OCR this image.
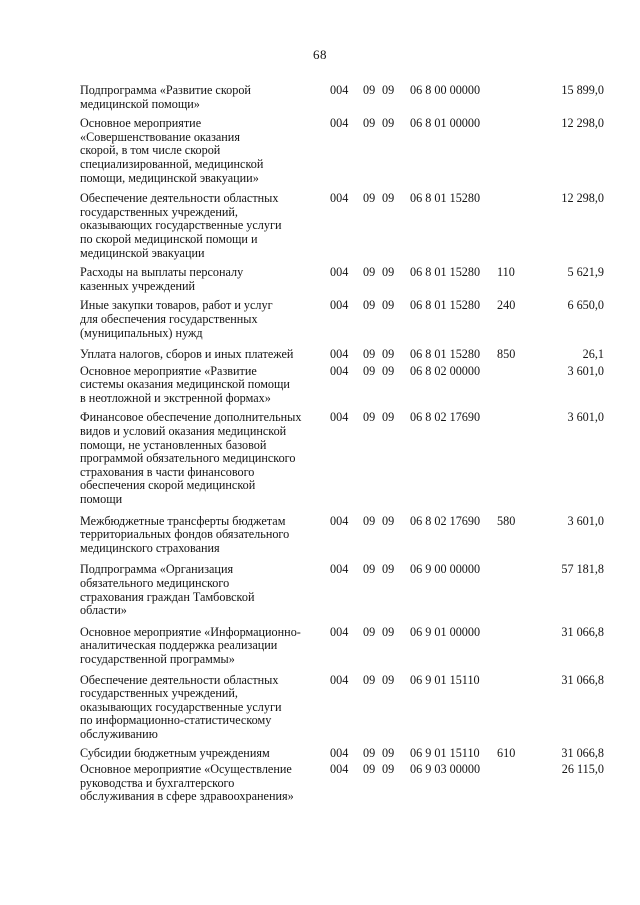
68
Подпрограмма «Развитие скорой
медицинской помощи»
004 09 09 06 8 00 00000	15 899,0
Основное мероприятие
«Совершенствование оказания
скорой, в том числе скорой
специализированной, медицинской
помощи, медицинской эвакуации»
004 09 09 06 8 01 00000	12 298,0
Обеспечение деятельности областных
государственных учреждений,
оказывающих государственные услуги
по скорой медицинской помощи и
медицинской эвакуации
004 09 09 06 8 01 15280	12 298,0
Расходы на выплаты персоналу
казенных учреждений
004 09 09 06 8 01 15280 110	5 621,9
Иные закупки товаров, работ и услуг
для обеспечения государственных
(муниципальных) нужд
004 09 09 06 8 01 15280 240	6 650,0
Уплата налогов, сборов и иных платежей	004 09 09 06 8 01 15280 850	26,1
Основное мероприятие «Развитие
системы оказания медицинской помощи
в неотложной и экстренной формах»
004 09 09 06 8 02 00000	3 601,0
Финансовое обеспечение дополнительных
видов и условий оказания медицинской
помощи, не установленных базовой
программой обязательного медицинского
страхования в части финансового
обеспечения скорой медицинской
помощи
004 09 09 06 8 02 17690	3 601,0
Межбюджетные трансферты бюджетам
территориальных фондов обязательного
медицинского страхования
004 09 09 06 8 02 17690 580	3 601,0
Подпрограмма «Организация
обязательного медицинского
страхования граждан Тамбовской
области»
004 09 09 06 9 00 00000	57 181,8
Основное мероприятие «Информационно-
аналитическая поддержка реализации
государственной программы»
004 09 09 06 9 01 00000	31 066,8
Обеспечение деятельности областных
государственных учреждений,
оказывающих государственные услуги
по информационно-статистическому
обслуживанию
004 09 09 06 9 01 15110	31 066,8
Субсидии бюджетным учреждениям	004 09 09 06 9 01 15110 610	31 066,8
Основное мероприятие «Осуществление
руководства и бухгалтерского
обслуживания в сфере здравоохранения»
004 09 09 06 9 03 00000	26 115,0
